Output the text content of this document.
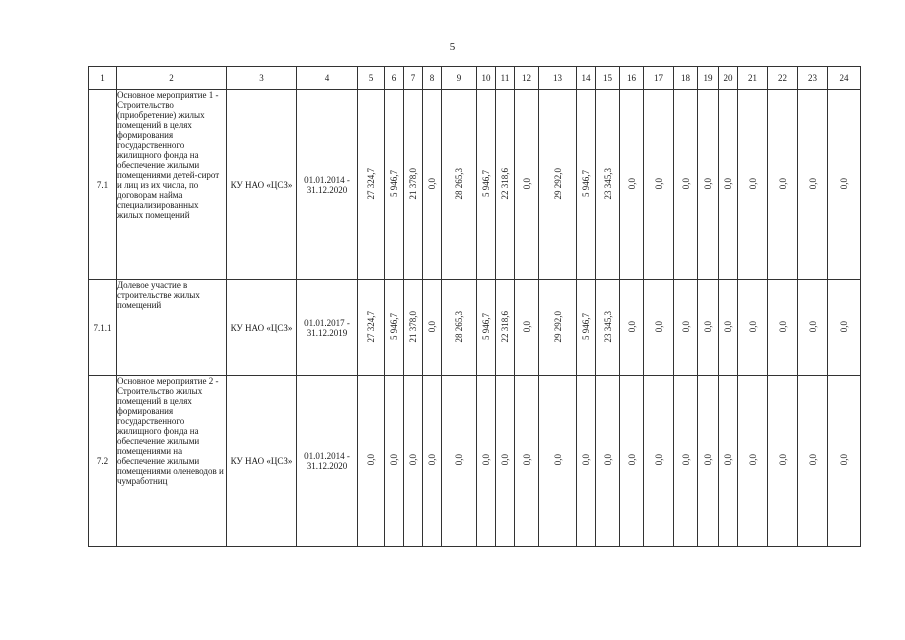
5
1	2	3	4	5	6	7	8	9	10	11	12	13	14	15	16	17	18	19	20	21	22	23	24
7.1	Основное мероприятие 1 - Строительство (приобретение) жилых помещений в целях формирования государственного жилищного фонда на обеспечение жилыми помещениями детей-сирот и лиц из их числа, по договорам найма специализированных жилых помещений	КУ НАО «ЦСЗ»	01.01.2014 - 31.12.2020	27 324,7	5 946,7	21 378,0	0,0	28 265,3	5 946,7	22 318,6	0,0	29 292,0	5 946,7	23 345,3	0,0	0,0	0,0	0,0	0,0	0,0	0,0	0,0	0,0
7.1.1	Долевое участие в строительстве жилых помещений	КУ НАО «ЦСЗ»	01.01.2017 - 31.12.2019	27 324,7	5 946,7	21 378,0	0,0	28 265,3	5 946,7	22 318,6	0,0	29 292,0	5 946,7	23 345,3	0,0	0,0	0,0	0,0	0,0	0,0	0,0	0,0	0,0
7.2	Основное мероприятие 2 - Строительство жилых помещений в целях формирования государственного жилищного фонда на обеспечение жилыми помещениями на обеспечение жилыми помещениями оленеводов и чумработниц	КУ НАО «ЦСЗ»	01.01.2014 - 31.12.2020	0,0	0,0	0,0	0,0	0,0	0,0	0,0	0,0	0,0	0,0	0,0	0,0	0,0	0,0	0,0	0,0	0,0	0,0	0,0	0,0
